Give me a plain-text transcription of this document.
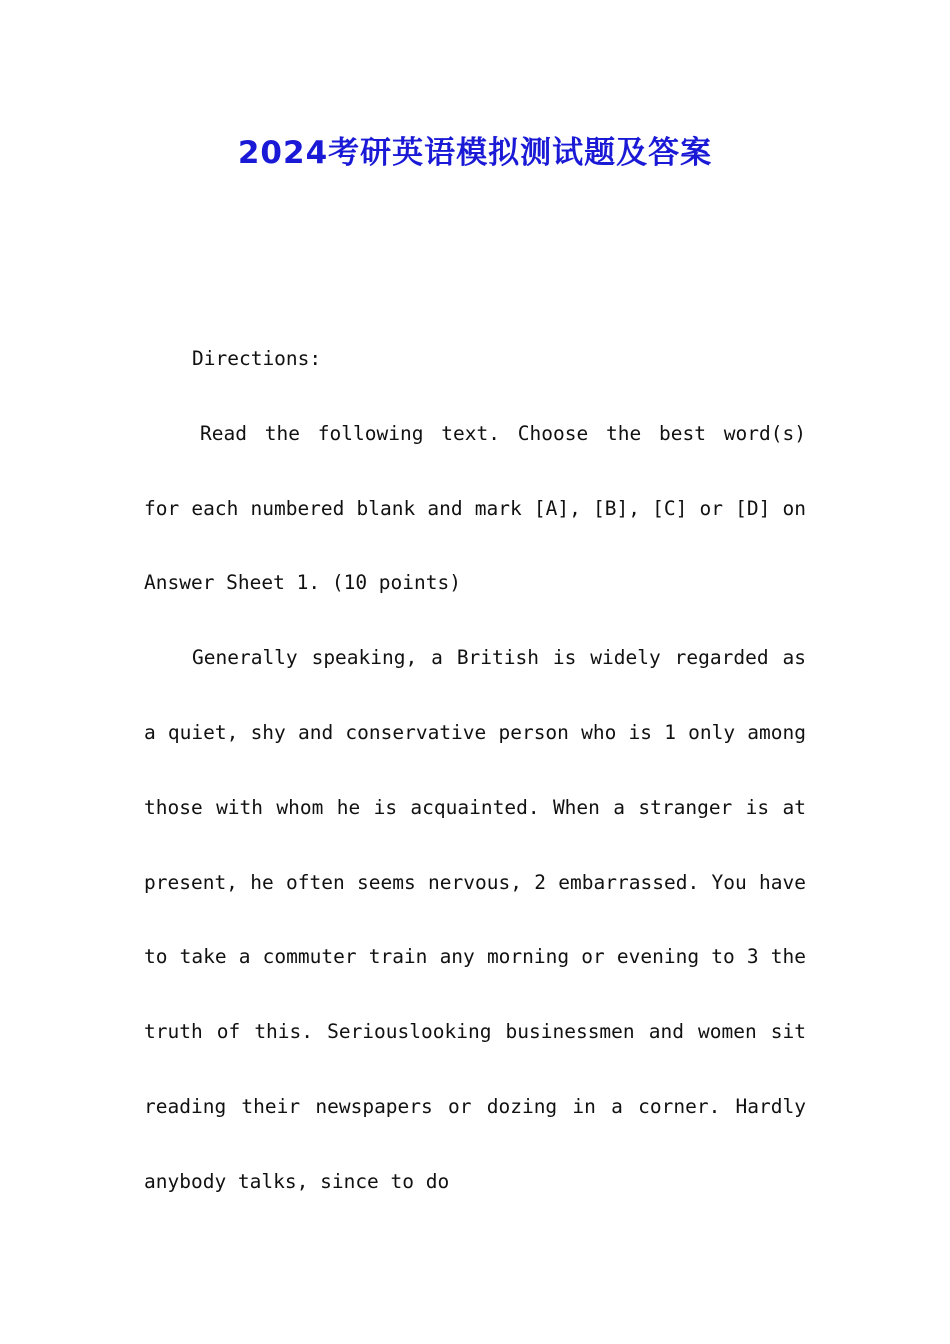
2024考研英语模拟测试题及答案

Directions:

Read the following text. Choose the best word(s) for each numbered blank and mark [A], [B], [C] or [D] on Answer Sheet 1. (10 points)

Generally speaking, a British is widely regarded as a quiet, shy and conservative person who is 1 only among those with whom he is acquainted. When a stranger is at present, he often seems nervous, 2 embarrassed. You have to take a commuter train any morning or evening to 3 the truth of this. Seriouslooking businessmen and women sit reading their newspapers or dozing in a corner. Hardly anybody talks, since to do
